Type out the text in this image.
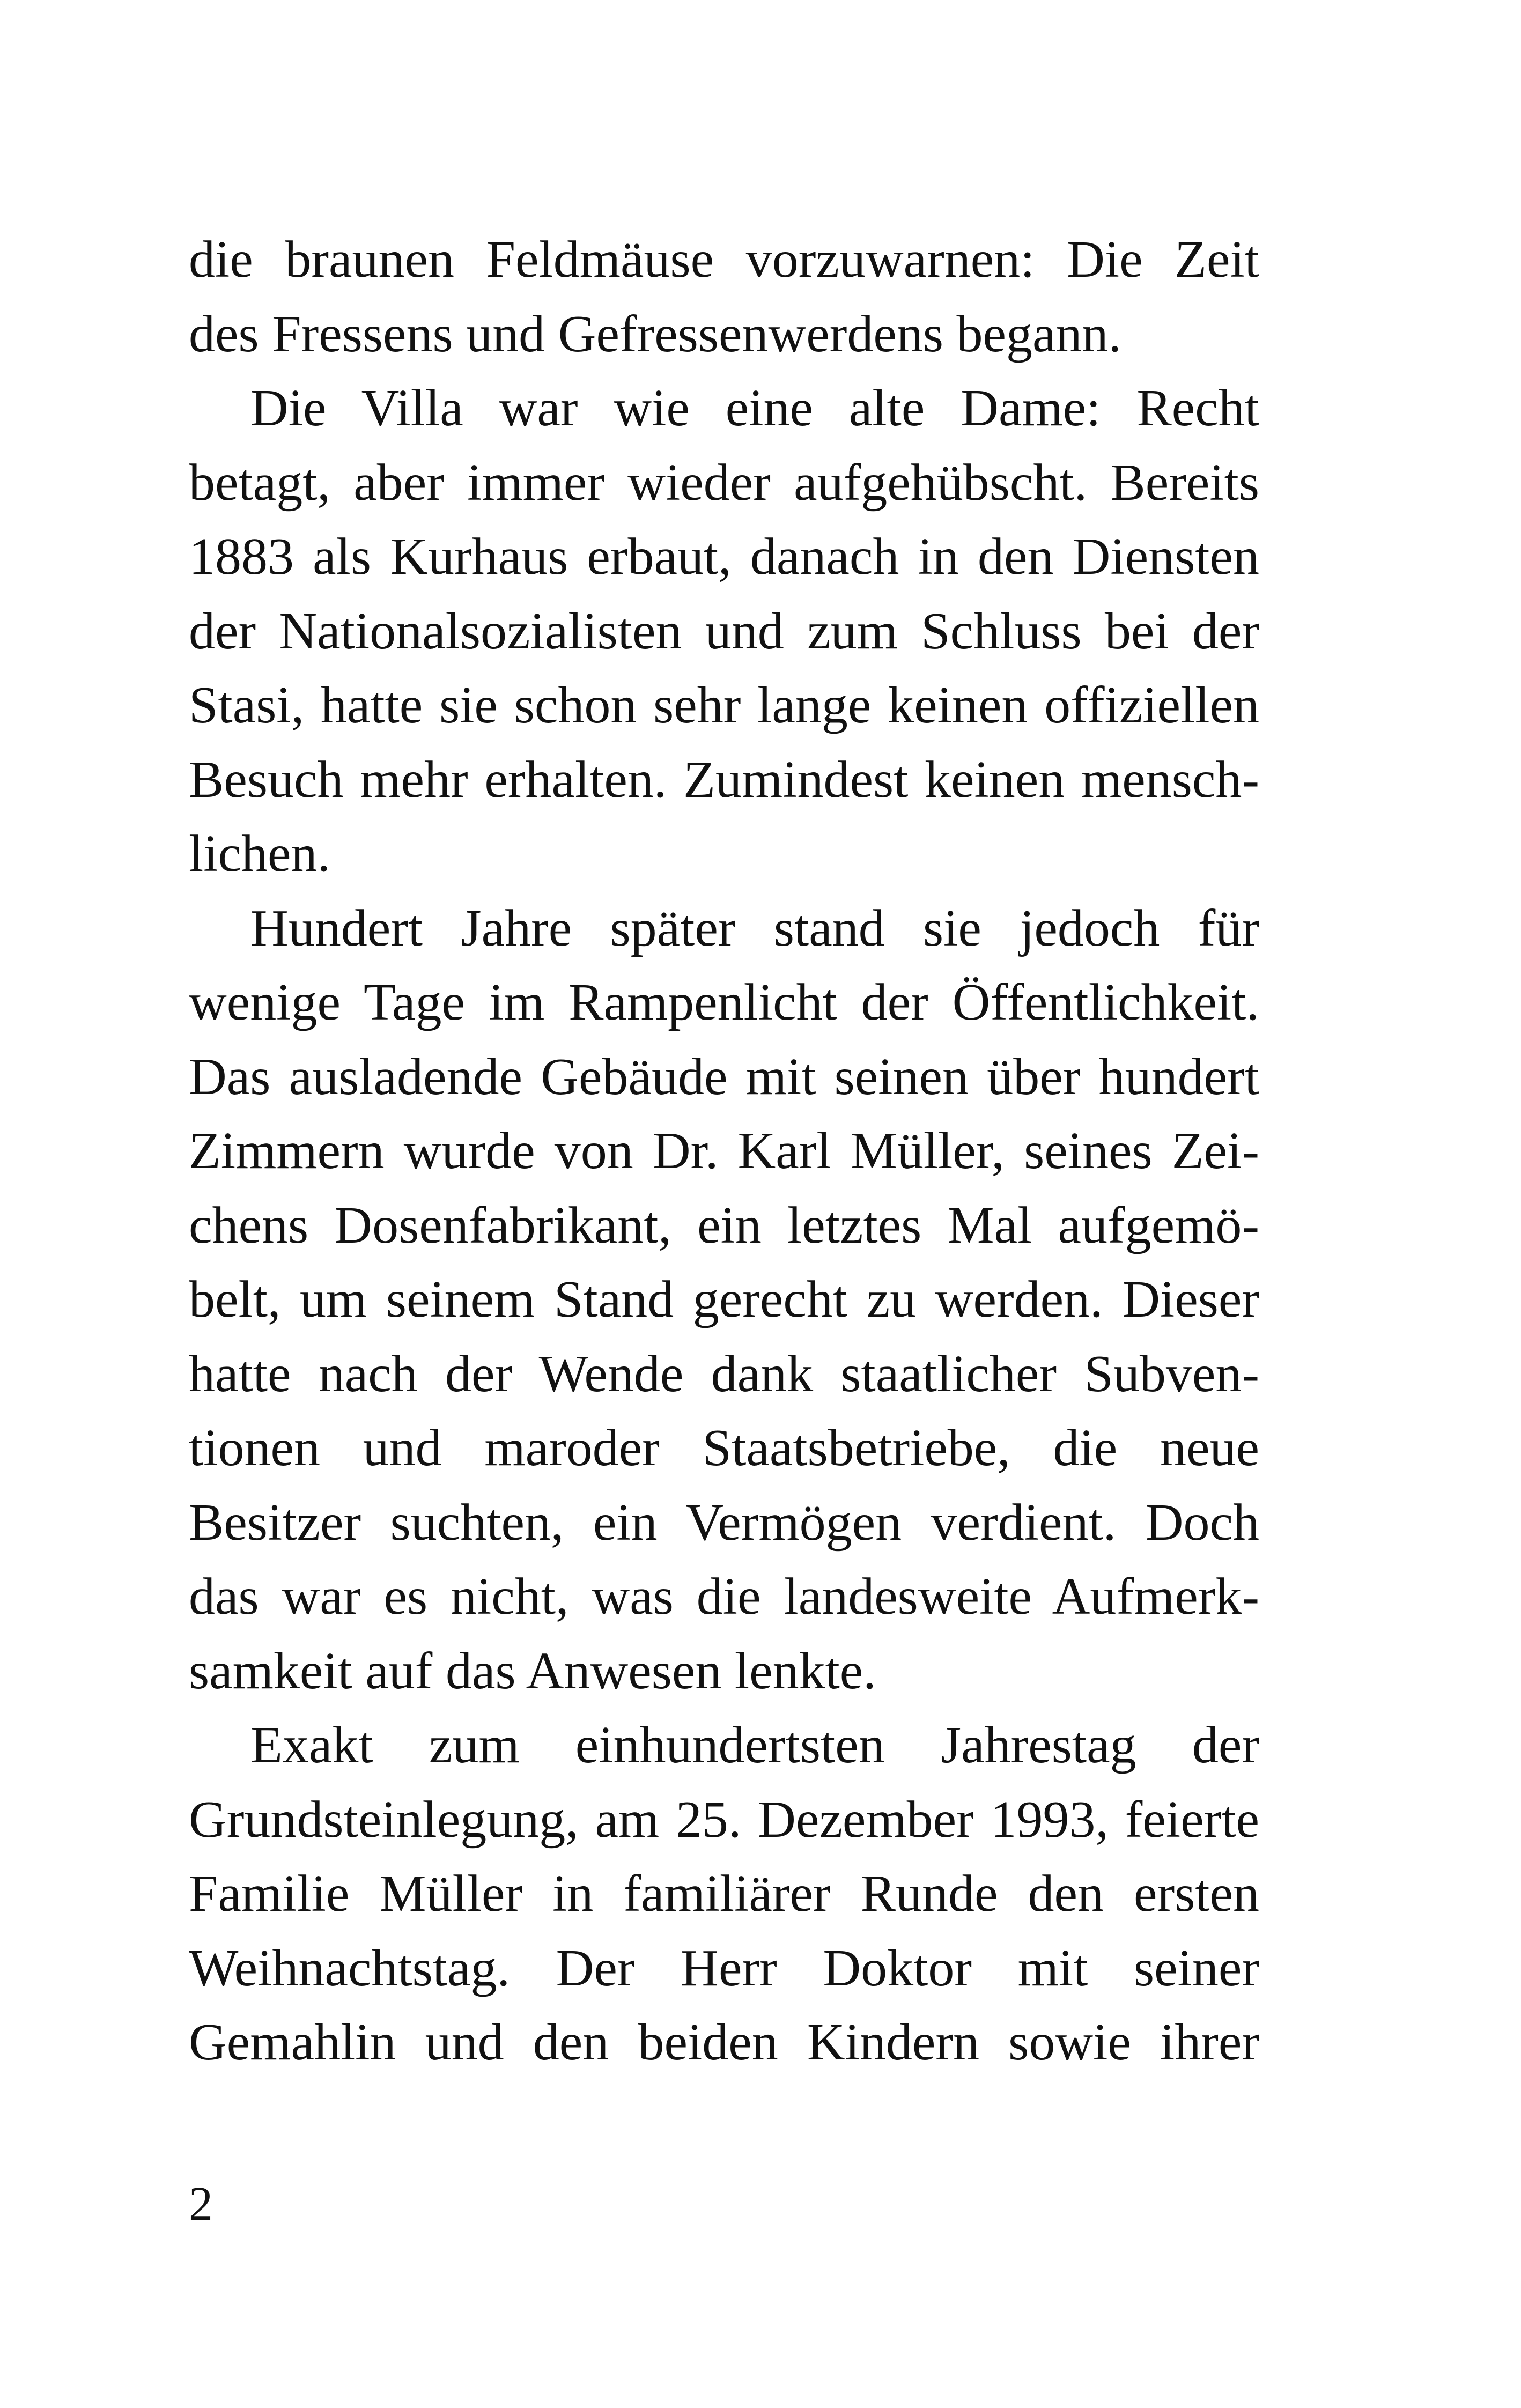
die braunen Feldmäuse vorzuwarnen: Die Zeit
des Fressens und Gefressenwerdens begann.
Die Villa war wie eine alte Dame: Recht
betagt, aber immer wieder aufgehübscht. Bereits
1883 als Kurhaus erbaut, danach in den Diensten
der Nationalsozialisten und zum Schluss bei der
Stasi, hatte sie schon sehr lange keinen offiziellen
Besuch mehr erhalten. Zumindest keinen mensch-
lichen.
Hundert Jahre später stand sie jedoch für
wenige Tage im Rampenlicht der Öffentlichkeit.
Das ausladende Gebäude mit seinen über hundert
Zimmern wurde von Dr. Karl Müller, seines Zei-
chens Dosenfabrikant, ein letztes Mal aufgemö-
belt, um seinem Stand gerecht zu werden. Dieser
hatte nach der Wende dank staatlicher Subven-
tionen und maroder Staatsbetriebe, die neue
Besitzer suchten, ein Vermögen verdient. Doch
das war es nicht, was die landesweite Aufmerk-
samkeit auf das Anwesen lenkte.
Exakt zum einhundertsten Jahrestag der
Grundsteinlegung, am 25. Dezember 1993, feierte
Familie Müller in familiärer Runde den ersten
Weihnachtstag. Der Herr Doktor mit seiner
Gemahlin und den beiden Kindern sowie ihrer
2
